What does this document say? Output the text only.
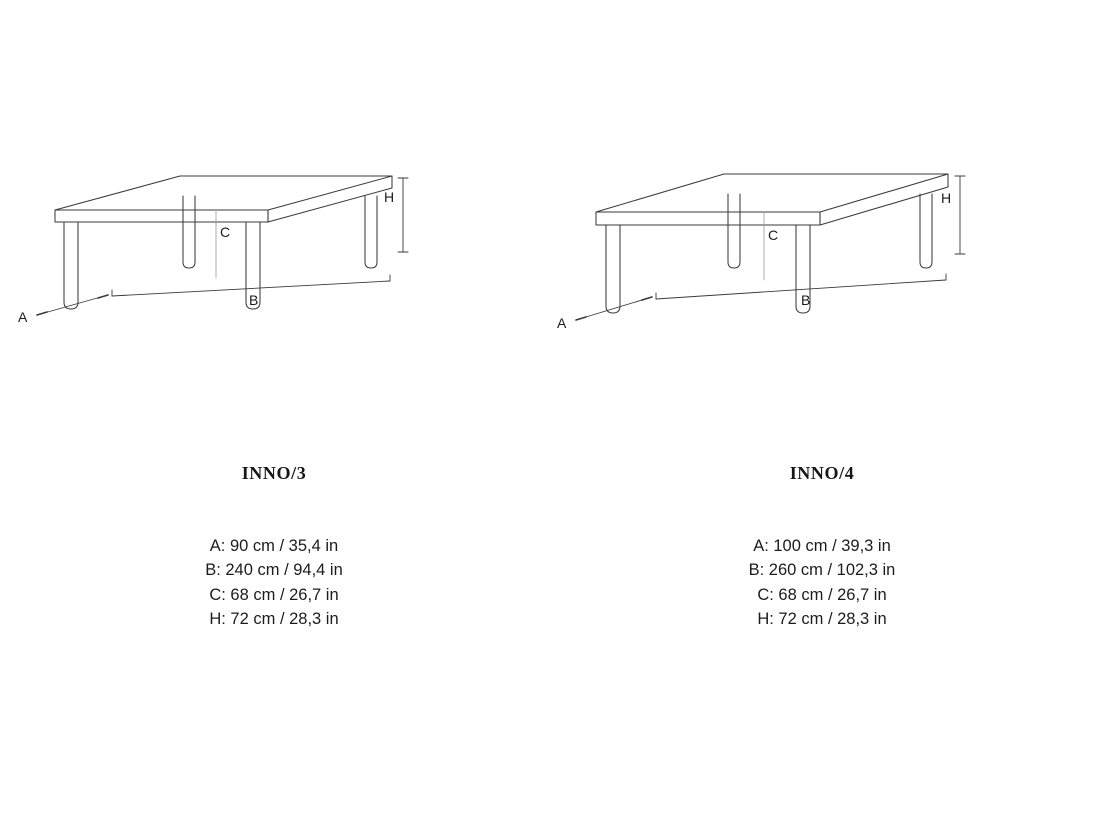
A
B
C
H
INNO/3
A: 90 cm / 35,4 in
B: 240 cm / 94,4 in
C: 68 cm / 26,7 in
H: 72 cm / 28,3 in
A
B
C
H
INNO/4
A: 100 cm / 39,3 in
B: 260 cm / 102,3 in
C: 68 cm / 26,7 in
H: 72 cm / 28,3 in
